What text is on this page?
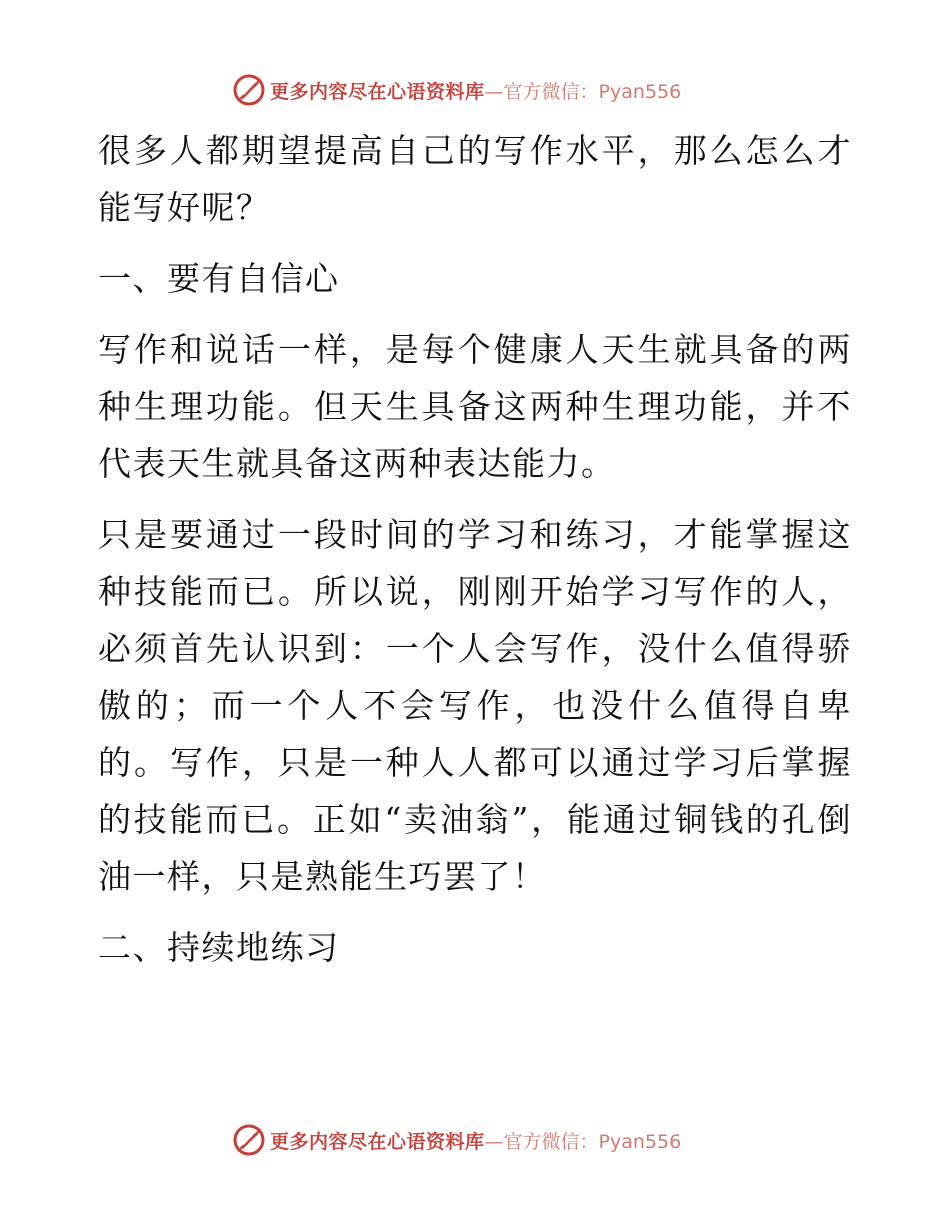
更多内容尽在心语资料库 —官方微信：Pyan556

很多人都期望提高自己的写作水平，那么怎么才能写好呢？

一、要有自信心

写作和说话一样，是每个健康人天生就具备的两种生理功能。但天生具备这两种生理功能，并不代表天生就具备这两种表达能力。

只是要通过一段时间的学习和练习，才能掌握这种技能而已。所以说，刚刚开始学习写作的人，必须首先认识到：一个人会写作，没什么值得骄傲的；而一个人不会写作，也没什么值得自卑的。写作，只是一种人人都可以通过学习后掌握的技能而已。正如“卖油翁”，能通过铜钱的孔倒油一样，只是熟能生巧罢了！

二、持续地练习

更多内容尽在心语资料库 —官方微信：Pyan556
